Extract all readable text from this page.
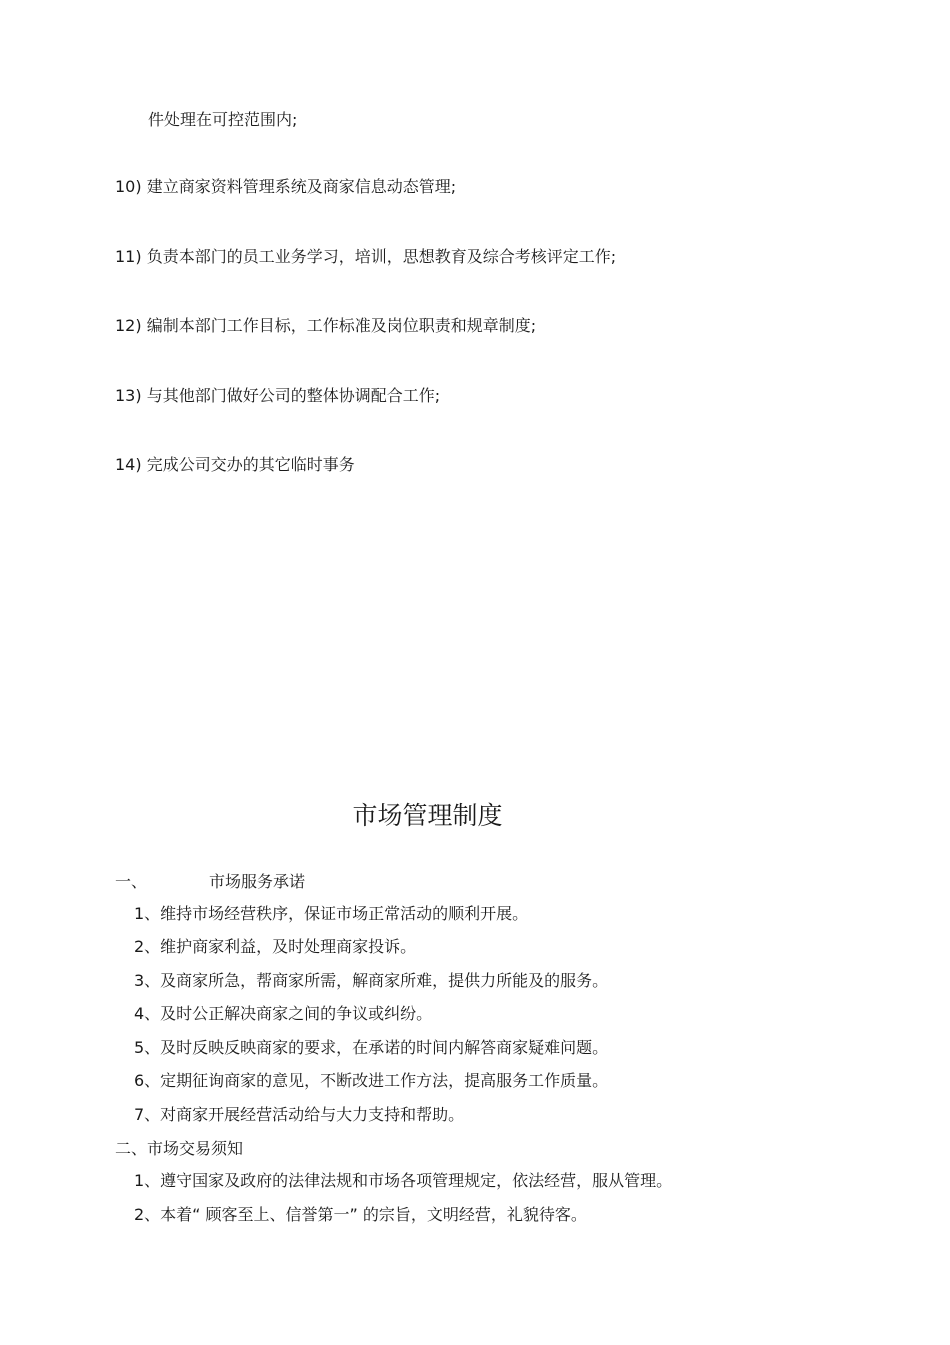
件处理在可控范围内;
10) 建立商家资料管理系统及商家信息动态管理;
11) 负责本部门的员工业务学习，培训，思想教育及综合考核评定工作;
12) 编制本部门工作目标，工作标准及岗位职责和规章制度;
13) 与其他部门做好公司的整体协调配合工作;
14) 完成公司交办的其它临时事务
市场管理制度
一、	市场服务承诺
1、维持市场经营秩序，保证市场正常活动的顺利开展。
2、维护商家利益，及时处理商家投诉。
3、及商家所急，帮商家所需，解商家所难，提供力所能及的服务。
4、及时公正解决商家之间的争议或纠纷。
5、及时反映反映商家的要求，在承诺的时间内解答商家疑难问题。
6、定期征询商家的意见，不断改进工作方法，提高服务工作质量。
7、对商家开展经营活动给与大力支持和帮助。
二、市场交易须知
1、遵守国家及政府的法律法规和市场各项管理规定，依法经营，服从管理。
2、本着“ 顾客至上、信誉第一” 的宗旨，文明经营，礼貌待客。
